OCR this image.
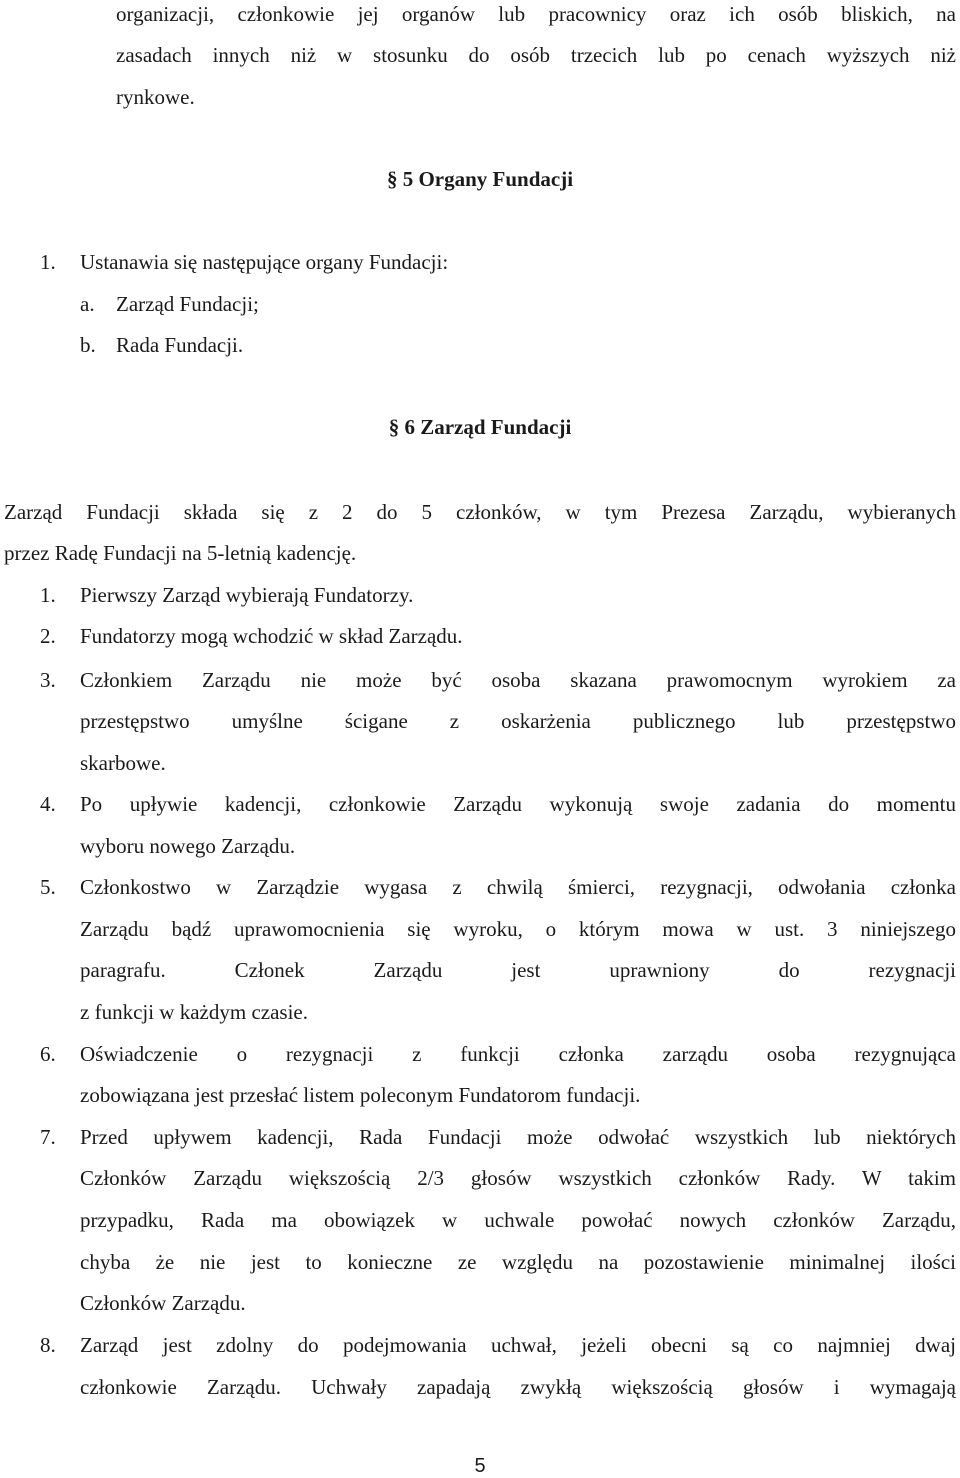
organizacji, członkowie jej organów lub pracownicy oraz ich osób bliskich, na
zasadach innych niż w stosunku do osób trzecich lub po cenach wyższych niż
rynkowe.
§ 5 Organy Fundacji
1. Ustanawia się następujące organy Fundacji:
a. Zarząd Fundacji;
b. Rada Fundacji.
§ 6 Zarząd Fundacji
Zarząd Fundacji składa się z 2 do 5 członków, w tym Prezesa Zarządu, wybieranych
przez Radę Fundacji na 5-letnią kadencję.
1. Pierwszy Zarząd wybierają Fundatorzy.
2. Fundatorzy mogą wchodzić w skład Zarządu.
3. Członkiem Zarządu nie może być osoba skazana prawomocnym wyrokiem za
przestępstwo umyślne ścigane z oskarżenia publicznego lub przestępstwo
skarbowe.
4. Po upływie kadencji, członkowie Zarządu wykonują swoje zadania do momentu
wyboru nowego Zarządu.
5. Członkostwo w Zarządzie wygasa z chwilą śmierci, rezygnacji, odwołania członka
Zarządu bądź uprawomocnienia się wyroku, o którym mowa w ust. 3 niniejszego
paragrafu. Członek Zarządu jest uprawniony do rezygnacji
z funkcji w każdym czasie.
6. Oświadczenie o rezygnacji z funkcji członka zarządu osoba rezygnująca
zobowiązana jest przesłać listem poleconym Fundatorom fundacji.
7. Przed upływem kadencji, Rada Fundacji może odwołać wszystkich lub niektórych
Członków Zarządu większością 2/3 głosów wszystkich członków Rady. W takim
przypadku, Rada ma obowiązek w uchwale powołać nowych członków Zarządu,
chyba że nie jest to konieczne ze względu na pozostawienie minimalnej ilości
Członków Zarządu.
8. Zarząd jest zdolny do podejmowania uchwał, jeżeli obecni są co najmniej dwaj
członkowie Zarządu. Uchwały zapadają zwykłą większością głosów i wymagają
5
